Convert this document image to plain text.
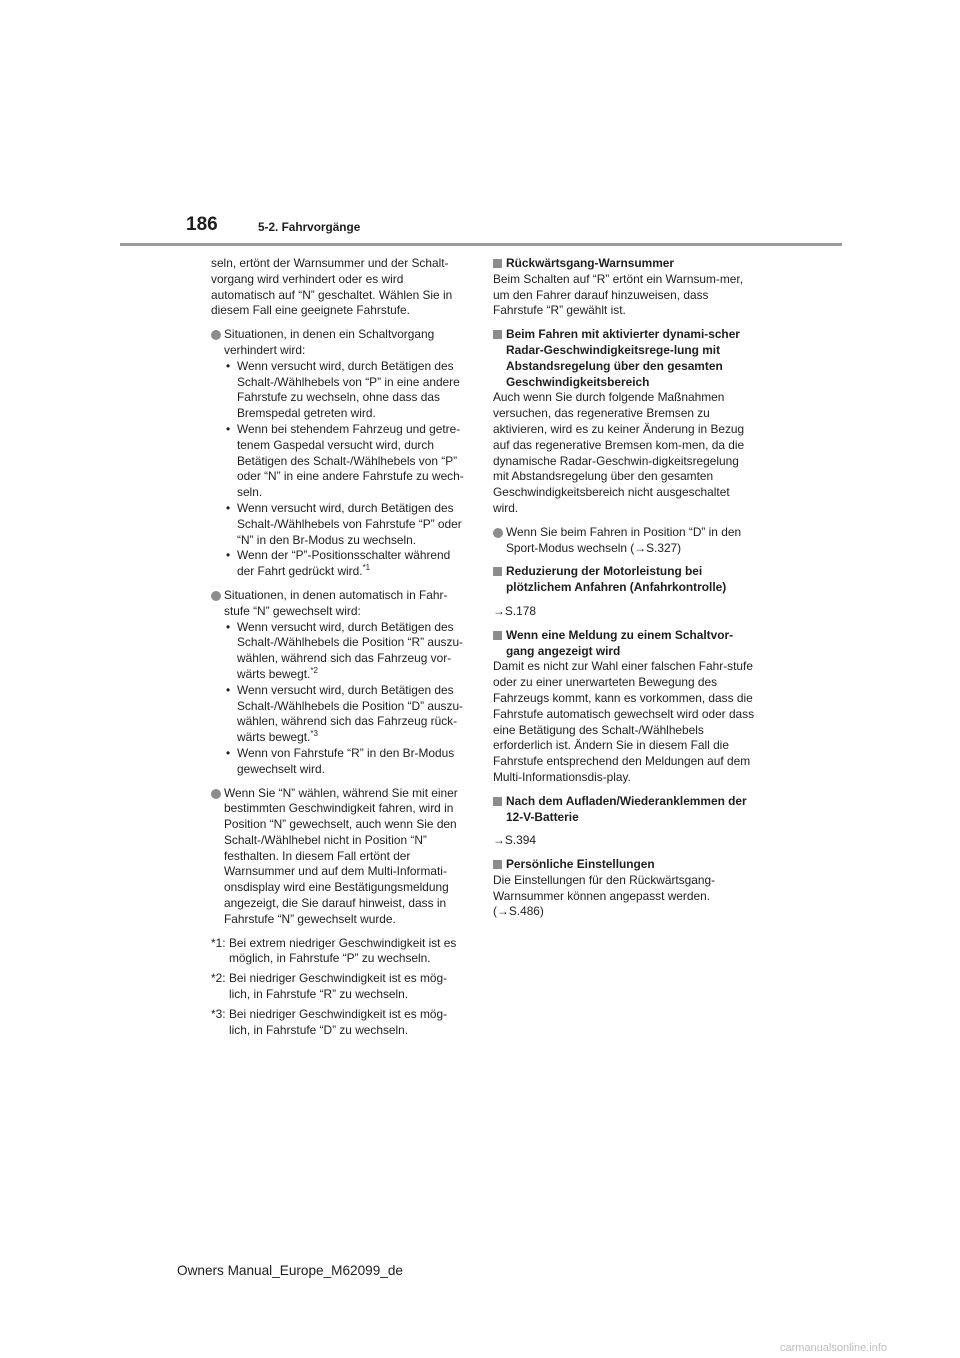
186	5-2. Fahrvorgänge

seln, ertönt der Warnsummer und der Schalt-vorgang wird verhindert oder es wird automatisch auf “N” geschaltet. Wählen Sie in diesem Fall eine geeignete Fahrstufe.

Situationen, in denen ein Schaltvorgang verhindert wird:

• Wenn versucht wird, durch Betätigen des Schalt-/Wählhebels von “P” in eine andere Fahrstufe zu wechseln, ohne dass das Bremspedal getreten wird.
• Wenn bei stehendem Fahrzeug und getre-tenem Gaspedal versucht wird, durch Betätigen des Schalt-/Wählhebels von “P” oder “N” in eine andere Fahrstufe zu wech-seln.
• Wenn versucht wird, durch Betätigen des Schalt-/Wählhebels von Fahrstufe “P” oder “N” in den Br-Modus zu wechseln.
• Wenn der “P”-Positionsschalter während der Fahrt gedrückt wird.$^{*1}$

Situationen, in denen automatisch in Fahr-stufe “N” gewechselt wird:

• Wenn versucht wird, durch Betätigen des Schalt-/Wählhebels die Position “R” auszu-wählen, während sich das Fahrzeug vor-wärts bewegt.$^{*2}$
• Wenn versucht wird, durch Betätigen des Schalt-/Wählhebels die Position “D” auszu-wählen, während sich das Fahrzeug rück-wärts bewegt.$^{*3}$
• Wenn von Fahrstufe “R” in den Br-Modus gewechselt wird.

Wenn Sie “N” wählen, während Sie mit einer bestimmten Geschwindigkeit fahren, wird in Position “N” gewechselt, auch wenn Sie den Schalt-/Wählhebel nicht in Position “N” festhalten. In diesem Fall ertönt der Warnsummer und auf dem Multi-Informati-onsdisplay wird eine Bestätigungsmeldung angezeigt, die Sie darauf hinweist, dass in Fahrstufe “N” gewechselt wurde.

*1: Bei extrem niedriger Geschwindigkeit ist es möglich, in Fahrstufe “P” zu wechseln.
*2: Bei niedriger Geschwindigkeit ist es mög-lich, in Fahrstufe “R” zu wechseln.
*3: Bei niedriger Geschwindigkeit ist es mög-lich, in Fahrstufe “D” zu wechseln.
Rückwärtsgang-Warnsummer

Beim Schalten auf “R” ertönt ein Warnsum-mer, um den Fahrer darauf hinzuweisen, dass Fahrstufe “R” gewählt ist.

Beim Fahren mit aktivierter dynami-scher Radar-Geschwindigkeitsrege-lung mit Abstandsregelung über den gesamten Geschwindigkeitsbereich

Auch wenn Sie durch folgende Maßnahmen versuchen, das regenerative Bremsen zu aktivieren, wird es zu keiner Änderung in Bezug auf das regenerative Bremsen kom-men, da die dynamische Radar-Geschwin-digkeitsregelung mit Abstandsregelung über den gesamten Geschwindigkeitsbereich nicht ausgeschaltet wird.

Wenn Sie beim Fahren in Position “D” in den Sport-Modus wechseln (→S.327)

Reduzierung der Motorleistung bei plötzlichem Anfahren (Anfahrkontrolle)

→S.178

Wenn eine Meldung zu einem Schaltvor-gang angezeigt wird

Damit es nicht zur Wahl einer falschen Fahr-stufe oder zu einer unerwarteten Bewegung des Fahrzeugs kommt, kann es vorkommen, dass die Fahrstufe automatisch gewechselt wird oder dass eine Betätigung des Schalt-/Wählhebels erforderlich ist. Ändern Sie in diesem Fall die Fahrstufe entsprechend den Meldungen auf dem Multi-Informationsdis-play.

Nach dem Aufladen/Wiederanklemmen der 12-V-Batterie

→S.394

Persönliche Einstellungen

Die Einstellungen für den Rückwärtsgang-Warnsummer können angepasst werden. (→S.486)

Owners Manual_Europe_M62099_de
carmanualsonline.info
